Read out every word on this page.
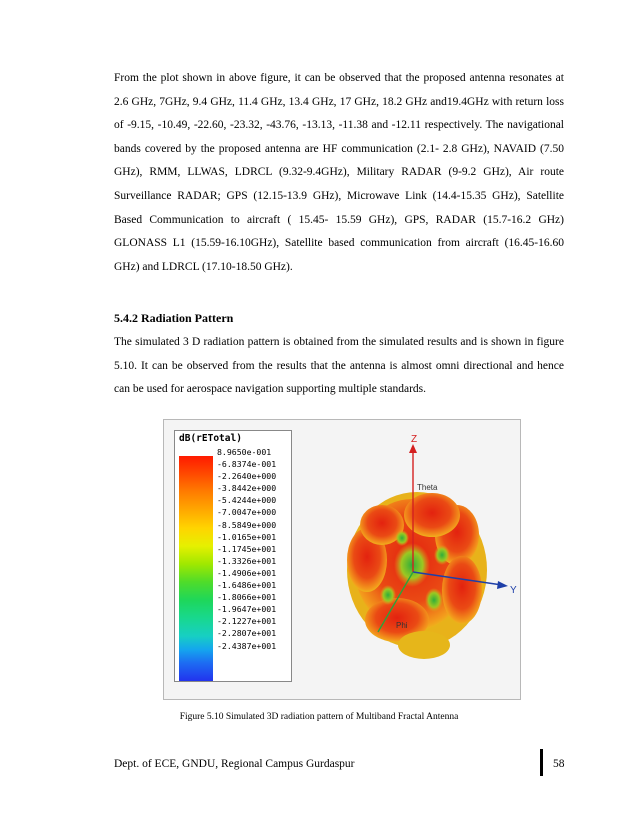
From the plot shown in above figure, it can be observed that the proposed antenna resonates at 2.6 GHz, 7GHz, 9.4 GHz, 11.4 GHz, 13.4 GHz, 17 GHz, 18.2 GHz and19.4GHz with return loss of -9.15, -10.49, -22.60, -23.32, -43.76, -13.13, -11.38 and -12.11 respectively. The navigational bands covered by the proposed antenna are HF communication (2.1- 2.8 GHz), NAVAID (7.50 GHz), RMM, LLWAS, LDRCL (9.32-9.4GHz), Military RADAR (9-9.2 GHz), Air route Surveillance RADAR; GPS (12.15-13.9 GHz), Microwave Link (14.4-15.35 GHz), Satellite Based Communication to aircraft ( 15.45- 15.59 GHz), GPS, RADAR (15.7-16.2 GHz) GLONASS L1 (15.59-16.10GHz), Satellite based communication from aircraft (16.45-16.60 GHz) and LDRCL (17.10-18.50 GHz).

5.4.2 Radiation Pattern

The simulated 3 D radiation pattern is obtained from the simulated results and is shown in figure 5.10. It can be observed from the results that the antenna is almost omni directional and hence can be used for aerospace navigation supporting multiple standards.

dB(rETotal)
8.9650e-001
-6.8374e-001
-2.2640e+000
-3.8442e+000
-5.4244e+000
-7.0047e+000
-8.5849e+000
-1.0165e+001
-1.1745e+001
-1.3326e+001
-1.4906e+001
-1.6486e+001
-1.8066e+001
-1.9647e+001
-2.1227e+001
-2.2807e+001
-2.4387e+001
Z
Theta
Y
Phi

Figure 5.10 Simulated 3D radiation pattern of Multiband Fractal Antenna

Dept. of ECE, GNDU, Regional Campus Gurdaspur	58
